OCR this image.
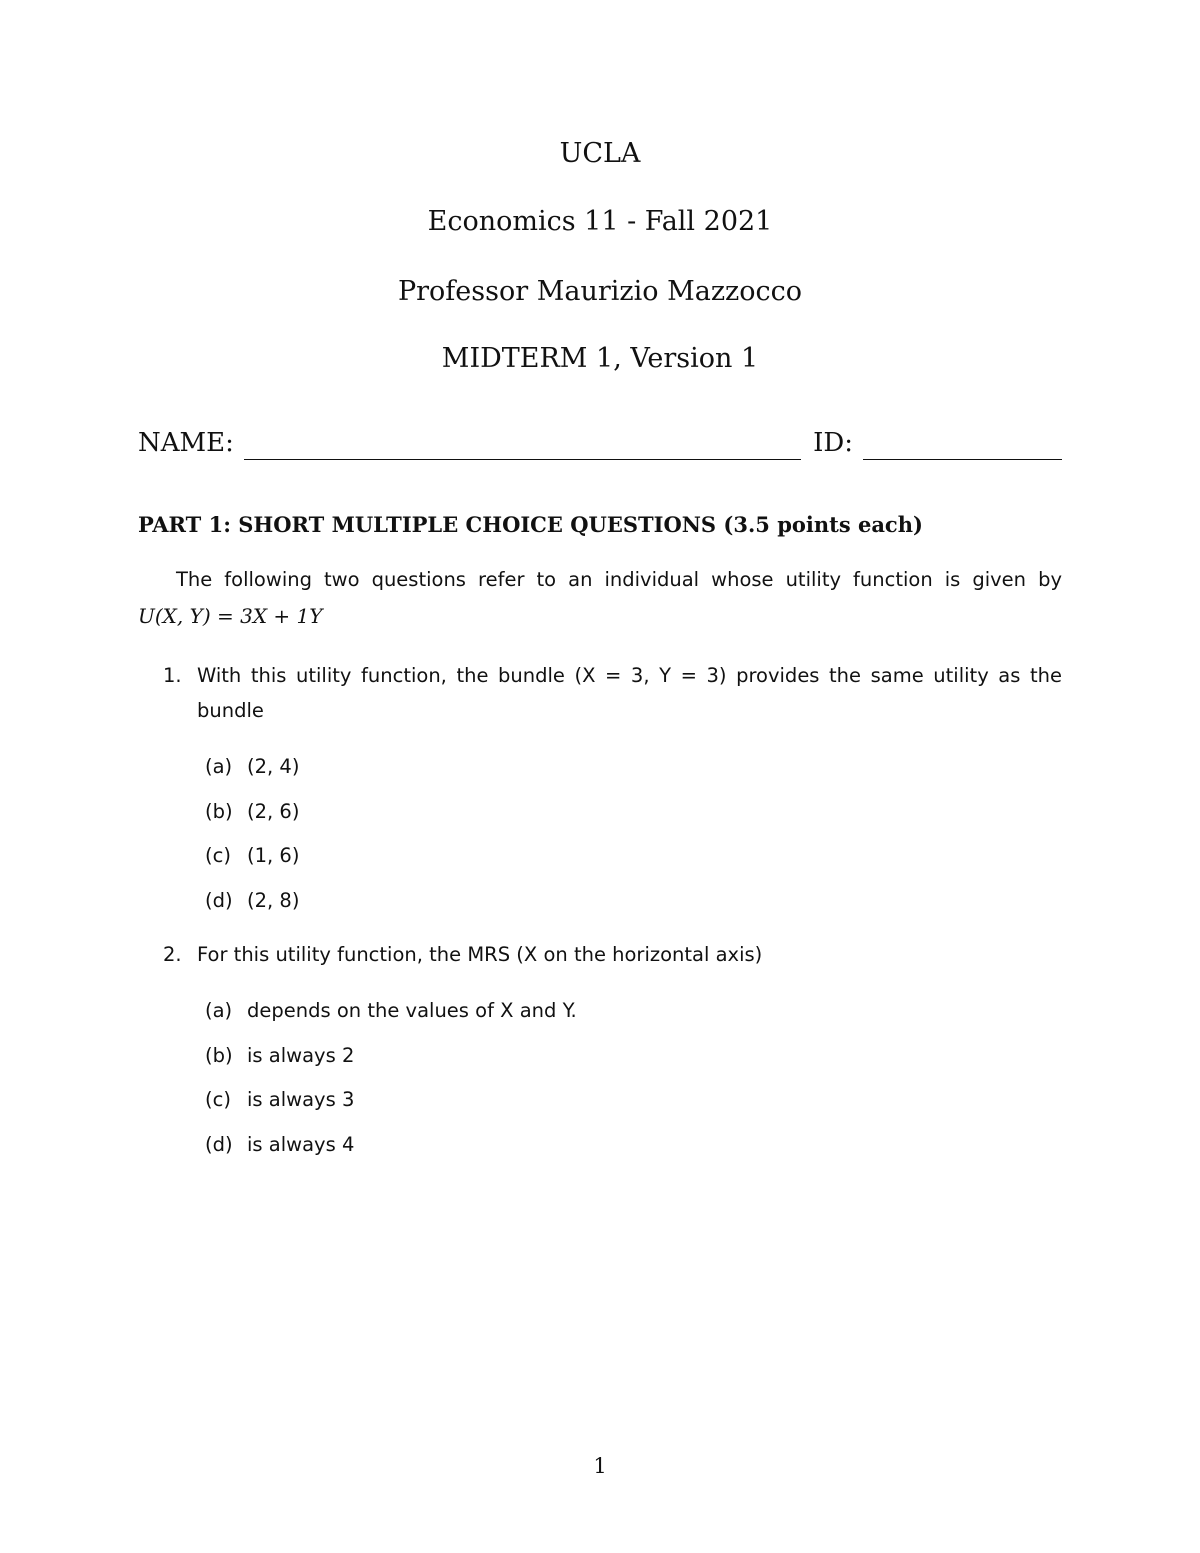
UCLA
Economics 11 - Fall 2021
Professor Maurizio Mazzocco
MIDTERM 1, Version 1
NAME:	ID:
PART 1: SHORT MULTIPLE CHOICE QUESTIONS (3.5 points each)
The following two questions refer to an individual whose utility function is given by
U(X, Y) = 3X + 1Y
1. With this utility function, the bundle (X = 3, Y = 3) provides the same utility as the
bundle
(a) (2, 4)
(b) (2, 6)
(c) (1, 6)
(d) (2, 8)
2. For this utility function, the MRS (X on the horizontal axis)
(a) depends on the values of X and Y.
(b) is always 2
(c) is always 3
(d) is always 4
1
